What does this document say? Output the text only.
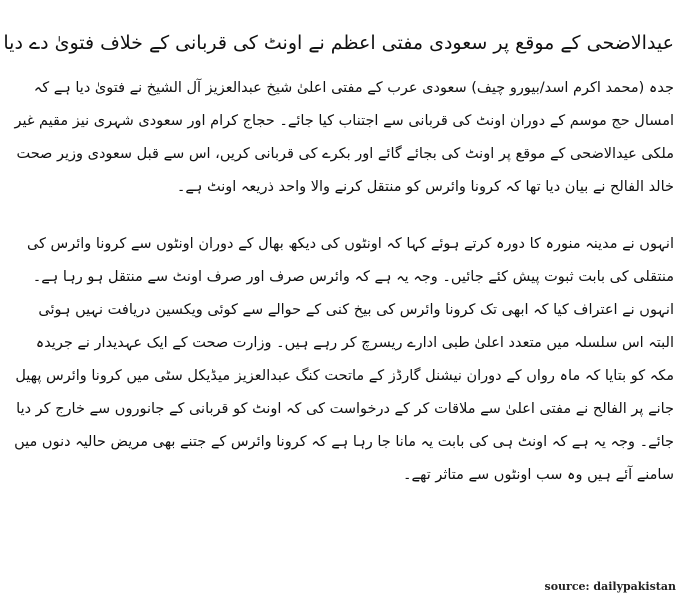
عیدالاضحی کے موقع پر سعودی مفتی اعظم نے اونٹ کی قربانی کے خلاف فتویٰ دے دیا

جدہ (محمد اکرم اسد/بیورو چیف) سعودی عرب کے مفتی اعلیٰ شیخ عبدالعزیز آل الشیخ نے فتویٰ دیا ہے کہ امسال حج موسم کے دوران اونٹ کی قربانی سے اجتناب کیا جائے۔ حجاج کرام اور سعودی شہری نیز مقیم غیر ملکی عیدالاضحی کے موقع پر اونٹ کی بجائے گائے اور بکرے کی قربانی کریں، اس سے قبل سعودی وزیر صحت خالد الفالح نے بیان دیا تھا کہ کرونا وائرس کو منتقل کرنے والا واحد ذریعہ اونٹ ہے۔

انہوں نے مدینہ منورہ کا دورہ کرتے ہوئے کہا کہ اونٹوں کی دیکھ بھال کے دوران اونٹوں سے کرونا وائرس کی منتقلی کی بابت ثبوت پیش کئے جائیں۔ وجہ یہ ہے کہ وائرس صرف اور صرف اونٹ سے منتقل ہو رہا ہے۔ انہوں نے اعتراف کیا کہ ابھی تک کرونا وائرس کی بیخ کنی کے حوالے سے کوئی ویکسین دریافت نہیں ہوئی البتہ اس سلسلہ میں متعدد اعلیٰ طبی ادارے ریسرچ کر رہے ہیں۔ وزارت صحت کے ایک عہدیدار نے جریدہ مکہ کو بتایا کہ ماہ رواں کے دوران نیشنل گارڈز کے ماتحت کنگ عبدالعزیز میڈیکل سٹی میں کرونا وائرس پھیل جانے پر الفالح نے مفتی اعلیٰ سے ملاقات کر کے درخواست کی کہ اونٹ کو قربانی کے جانوروں سے خارج کر دیا جائے۔ وجہ یہ ہے کہ اونٹ ہی کی بابت یہ مانا جا رہا ہے کہ کرونا وائرس کے جتنے بھی مریض حالیہ دنوں میں سامنے آئے ہیں وہ سب اونٹوں سے متاثر تھے۔

source: dailypakistan
